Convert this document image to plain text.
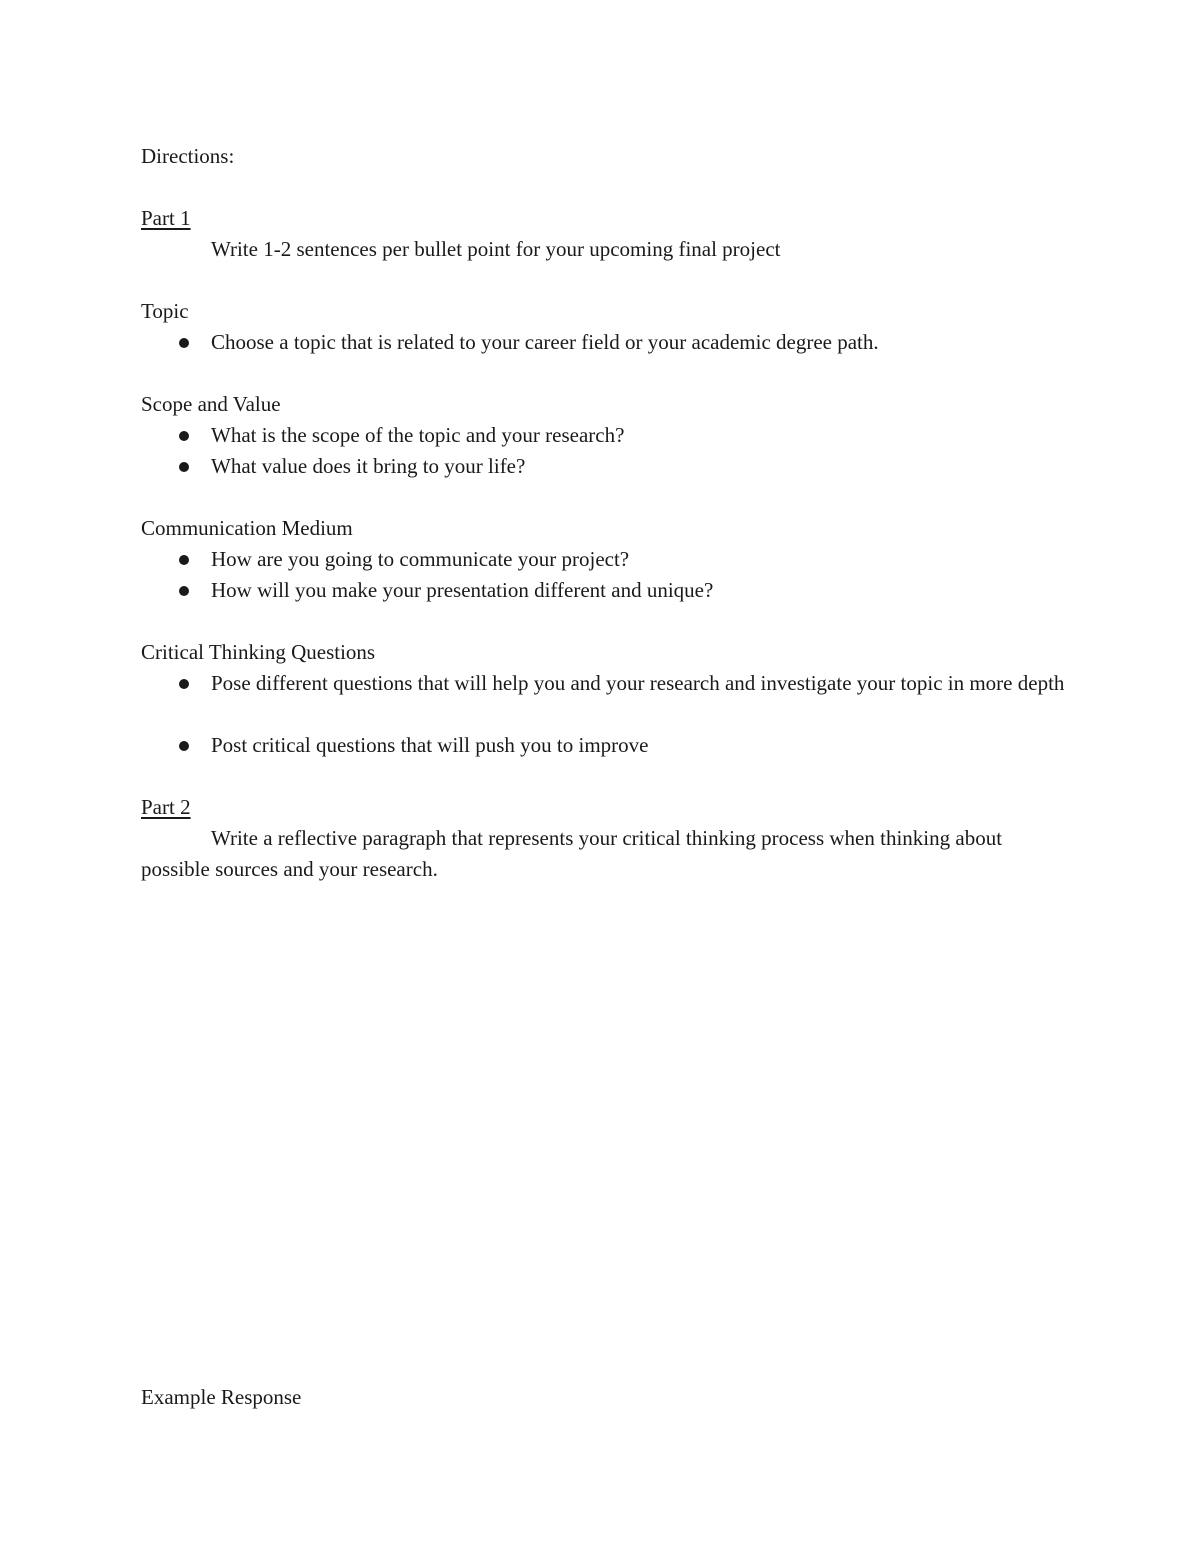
Directions:
Part 1
Write 1-2 sentences per bullet point for your upcoming final project
Topic
Choose a topic that is related to your career field or your academic degree path.
Scope and Value
What is the scope of the topic and your research?
What value does it bring to your life?
Communication Medium
How are you going to communicate your project?
How will you make your presentation different and unique?
Critical Thinking Questions
Pose different questions that will help you and your research and investigate your topic in more depth
Post critical questions that will push you to improve
Part 2
Write a reflective paragraph that represents your critical thinking process when thinking about possible sources and your research.
Example Response
